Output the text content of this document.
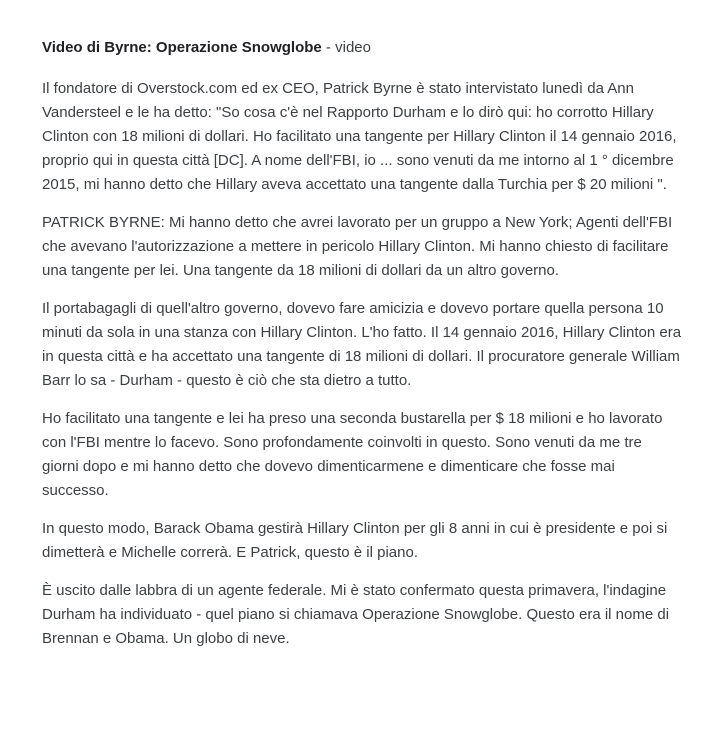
Video di Byrne: Operazione Snowglobe - video

Il fondatore di Overstock.com ed ex CEO, Patrick Byrne è stato intervistato lunedì da Ann Vandersteel e le ha detto: "So cosa c'è nel Rapporto Durham e lo dirò qui: ho corrotto Hillary Clinton con 18 milioni di dollari. Ho facilitato una tangente per Hillary Clinton il 14 gennaio 2016, proprio qui in questa città [DC]. A nome dell'FBI, io ... sono venuti da me intorno al 1 ° dicembre 2015, mi hanno detto che Hillary aveva accettato una tangente dalla Turchia per $ 20 milioni ".

PATRICK BYRNE: Mi hanno detto che avrei lavorato per un gruppo a New York; Agenti dell'FBI che avevano l'autorizzazione a mettere in pericolo Hillary Clinton. Mi hanno chiesto di facilitare una tangente per lei. Una tangente da 18 milioni di dollari da un altro governo.

Il portabagagli di quell'altro governo, dovevo fare amicizia e dovevo portare quella persona 10 minuti da sola in una stanza con Hillary Clinton. L'ho fatto. Il 14 gennaio 2016, Hillary Clinton era in questa città e ha accettato una tangente di 18 milioni di dollari. Il procuratore generale William Barr lo sa - Durham - questo è ciò che sta dietro a tutto.

Ho facilitato una tangente e lei ha preso una seconda bustarella per $ 18 milioni e ho lavorato con l'FBI mentre lo facevo. Sono profondamente coinvolti in questo. Sono venuti da me tre giorni dopo e mi hanno detto che dovevo dimenticarmene e dimenticare che fosse mai successo.

In questo modo, Barack Obama gestirà Hillary Clinton per gli 8 anni in cui è presidente e poi si dimetterà e Michelle correrà. E Patrick, questo è il piano.

È uscito dalle labbra di un agente federale. Mi è stato confermato questa primavera, l'indagine Durham ha individuato - quel piano si chiamava Operazione Snowglobe. Questo era il nome di Brennan e Obama. Un globo di neve.
